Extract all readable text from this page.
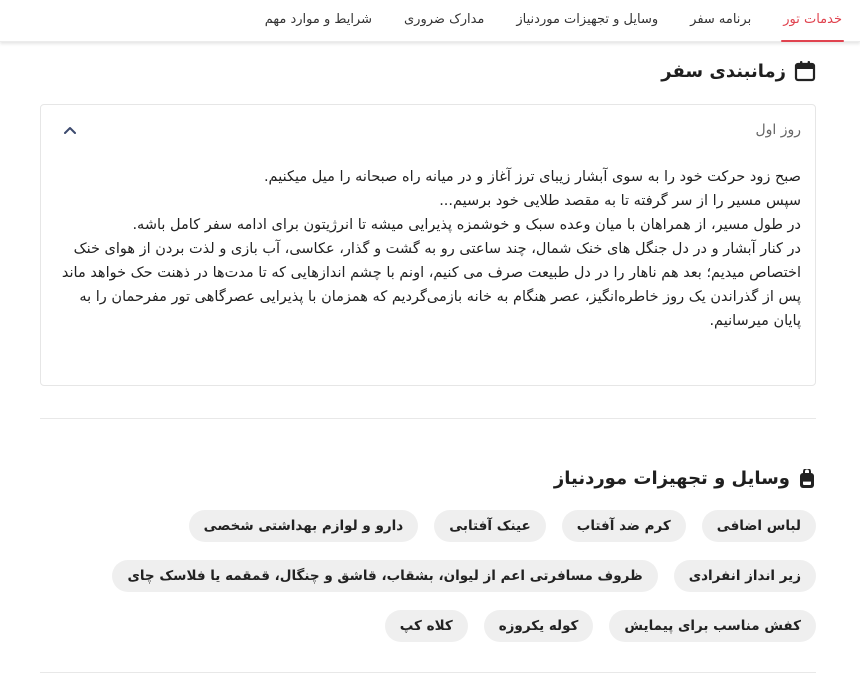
خدمات تور
برنامه سفر
وسایل و تجهیزات موردنیاز
مدارک ضروری
شرایط و موارد مهم
زمانبندی سفر
روز اول

صبح زود حرکت خود را به سوی آبشار زیبای ترز آغاز و در میانه راه صبحانه را میل میکنیم.

سپس مسیر را از سر گرفته تا به مقصد طلایی خود برسیم...

در طول مسیر، از همراهان با میان وعده سبک و خوشمزه پذیرایی میشه تا انرژیتون برای ادامه سفر کامل باشه.

در کنار آبشار و در دل جنگل های خنک شمال، چند ساعتی رو به گشت و گذار، عکاسی، آب بازی و لذت بردن از هوای خنک اختصاص میدیم؛ بعد هم ناهار را در دل طبیعت صرف می کنیم، اونم با چشم اندازهایی که تا مدت‌ها در ذهنت حک خواهد ماند

پس از گذراندن یک روز خاطره‌انگیز، عصر هنگام به خانه بازمی‌گردیم که همزمان با پذیرایی عصرگاهی تور مفرحمان را به پایان میرسانیم.

وسایل و تجهیزات موردنیاز
لباس اضافی
کرم ضد آفتاب
عینک آفتابی
دارو و لوازم بهداشتی شخصی
زیر انداز انفرادی
ظروف مسافرتی اعم از لیوان، بشقاب، قاشق و چنگال، قمقمه یا فلاسک چای
کفش مناسب برای پیمایش
کوله یکروزه
کلاه کپ
